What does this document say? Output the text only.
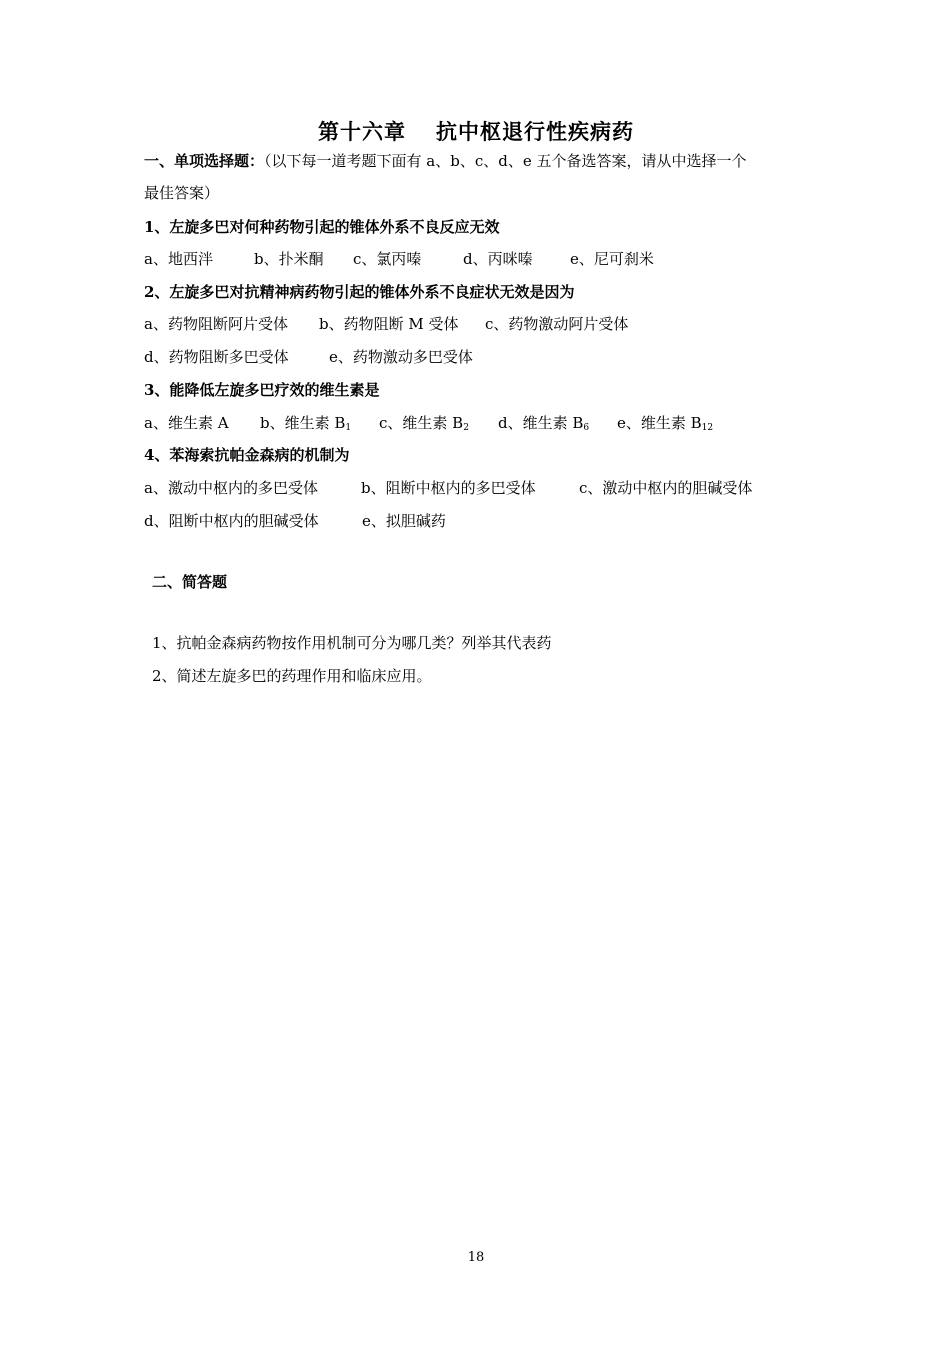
第十六章 抗中枢退行性疾病药
一、单项选择题：（以下每一道考题下面有 a、b、c、d、e 五个备选答案，请从中选择一个
最佳答案）
1、左旋多巴对何种药物引起的锥体外系不良反应无效
a、地西泮	b、扑米酮 c、氯丙嗪	d、丙咪嗪 e、尼可刹米
2、左旋多巴对抗精神病药物引起的锥体外系不良症状无效是因为
a、药物阻断阿片受体 b、药物阻断 M 受体 c、药物激动阿片受体
d、药物阻断多巴受体	e、药物激动多巴受体
3、能降低左旋多巴疗效的维生素是
a、维生素 A b、维生素 $B_1$ c、维生素 $B_2$ d、维生素 $B_6$ e、维生素 $B_{12}$
4、苯海索抗帕金森病的机制为
a、激动中枢内的多巴受体	b、阻断中枢内的多巴受体	c、激动中枢内的胆碱受体
d、阻断中枢内的胆碱受体	e、拟胆碱药
二、简答题
1、抗帕金森病药物按作用机制可分为哪几类？列举其代表药
2、简述左旋多巴的药理作用和临床应用。
18
